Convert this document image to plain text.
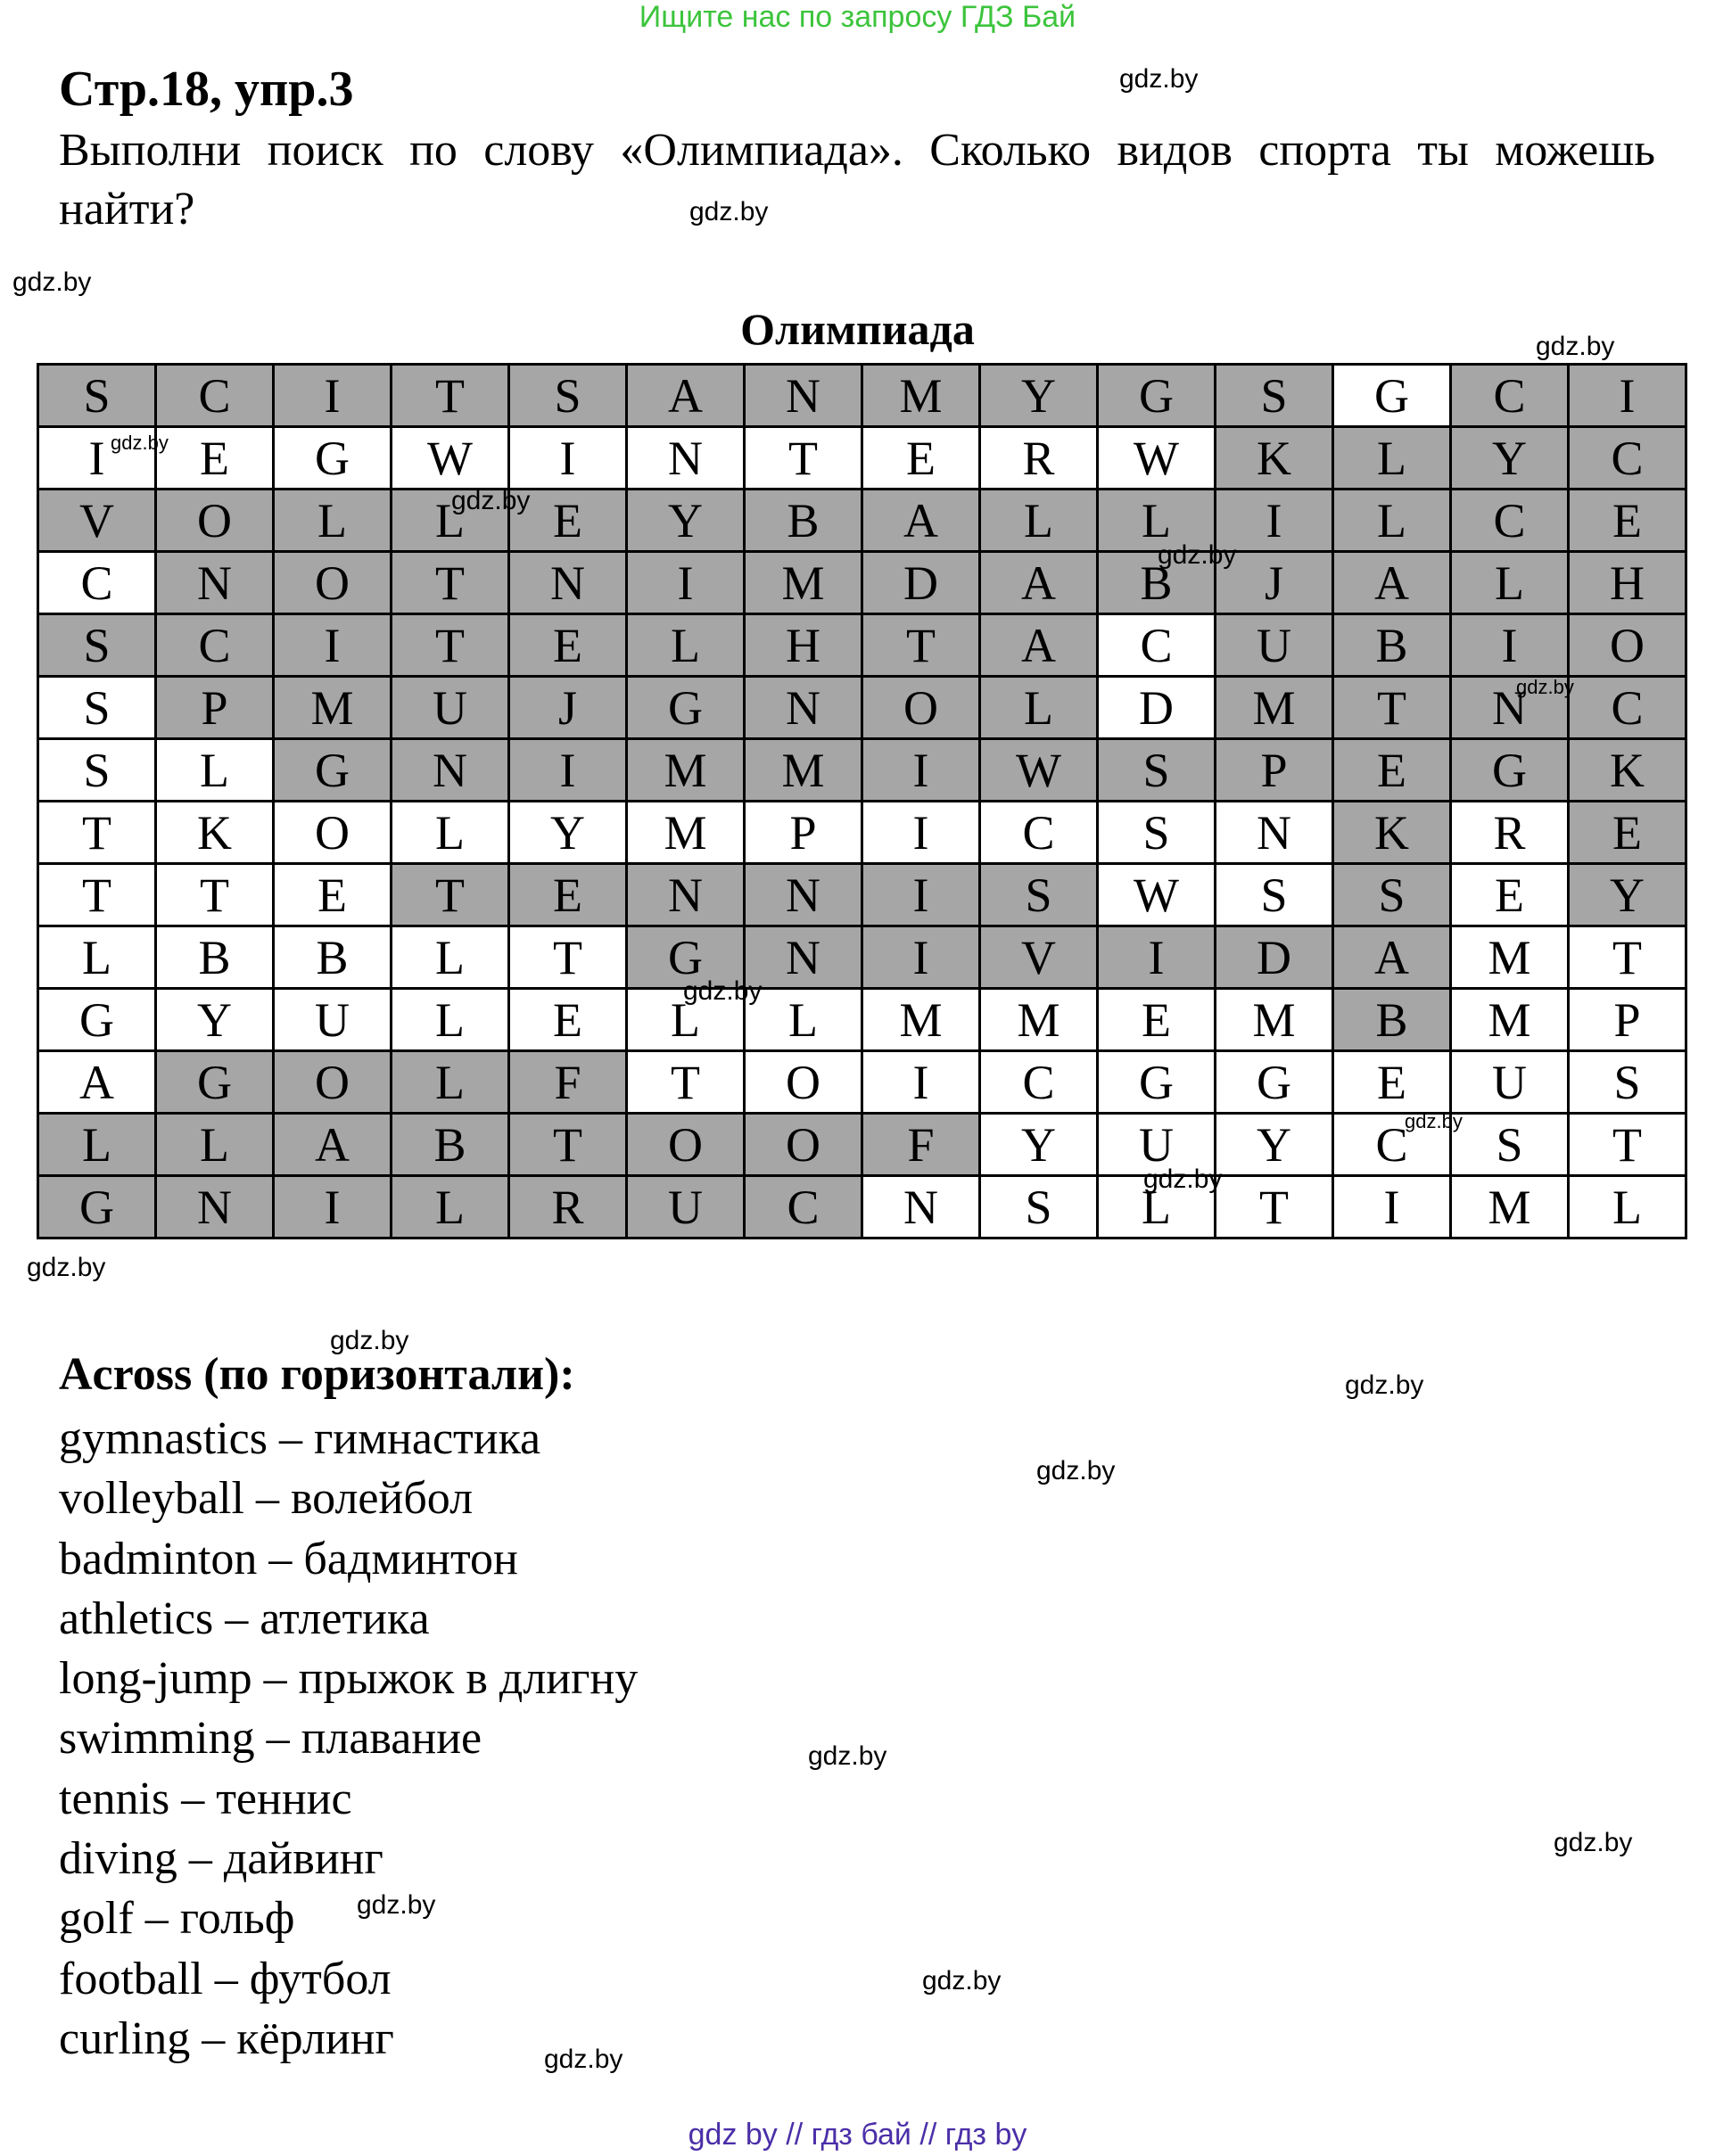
Ищите нас по запросу ГДЗ Бай
Стр.18, упр.3
Выполни поиск по слову «Олимпиада». Сколько видов спорта ты можешь найти?
Олимпиада
S	C	I	T	S	A	N	M	Y	G	S	G	C	I
I	E	G	W	I	N	T	E	R	W	K	L	Y	C
V	O	L	L	E	Y	B	A	L	L	I	L	C	E
C	N	O	T	N	I	M	D	A	B	J	A	L	H
S	C	I	T	E	L	H	T	A	C	U	B	I	O
S	P	M	U	J	G	N	O	L	D	M	T	N	C
S	L	G	N	I	M	M	I	W	S	P	E	G	K
T	K	O	L	Y	M	P	I	C	S	N	K	R	E
T	T	E	T	E	N	N	I	S	W	S	S	E	Y
L	B	B	L	T	G	N	I	V	I	D	A	M	T
G	Y	U	L	E	L	L	M	M	E	M	B	M	P
A	G	O	L	F	T	O	I	C	G	G	E	U	S
L	L	A	B	T	O	O	F	Y	U	Y	C	S	T
G	N	I	L	R	U	C	N	S	L	T	I	M	L
Across (по горизонтали):
gymnastics – гимнастика
volleyball – волейбол
badminton – бадминтон
athletics – атлетика
long-jump – прыжок в длигну
swimming – плавание
tennis – теннис
diving – дайвинг
golf – гольф
football – футбол
curling – кёрлинг
gdz.by
gdz.by
gdz.by
gdz.by
gdz.by
gdz.by
gdz.by
gdz.by
gdz.by
gdz.by
gdz.by
gdz.by
gdz.by
gdz.by
gdz.by
gdz.by
gdz.by
gdz.by
gdz.by
gdz.by
gdz by // гдз бай // гдз by
